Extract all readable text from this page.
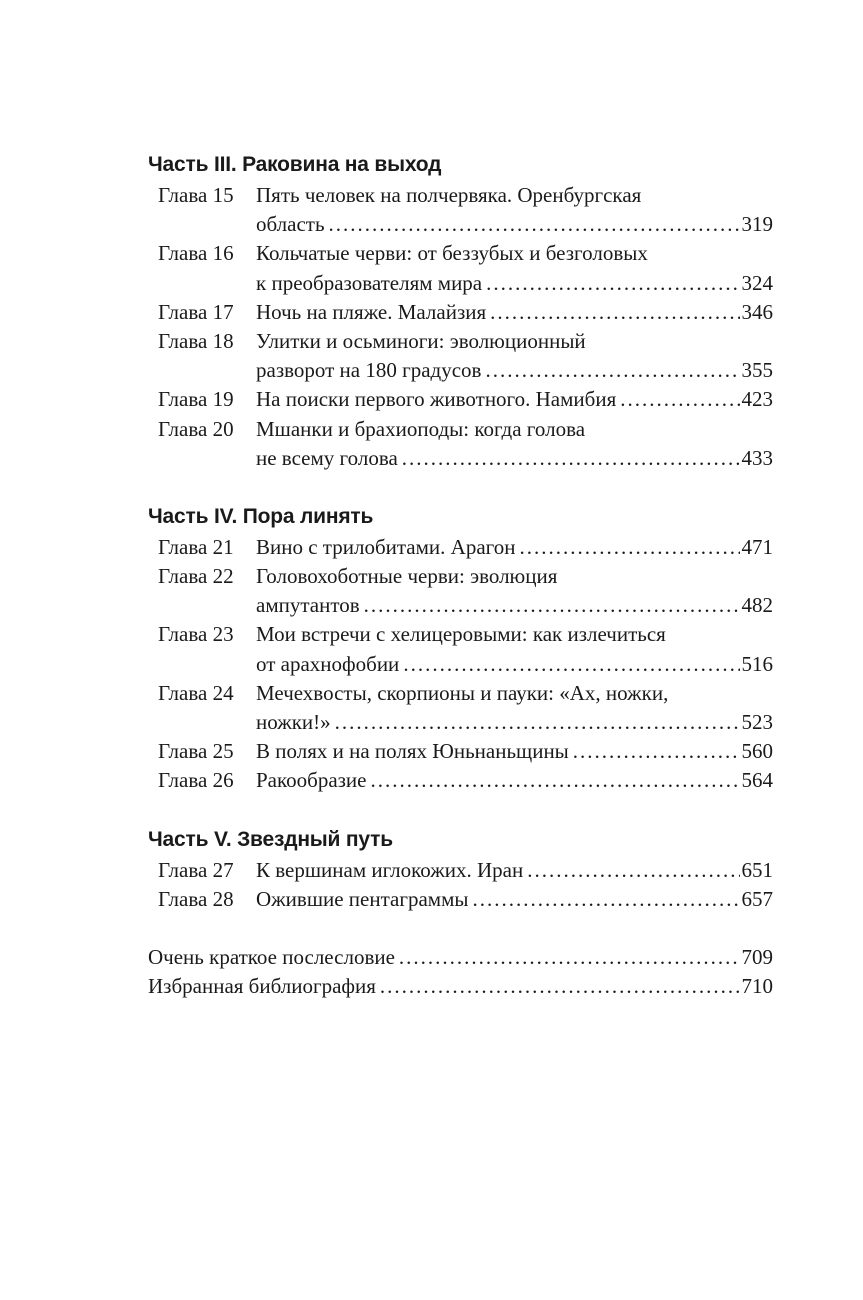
Часть III. Раковина на выход
Глава 15 Пять человек на полчервяка. Оренбургская
область .....	319
Глава 16 Кольчатые черви: от беззубых и безголовых
к преобразователям мира .....	324
Глава 17 Ночь на пляже. Малайзия .....	346
Глава 18 Улитки и осьминоги: эволюционный
разворот на 180 градусов .....	355
Глава 19 На поиски первого животного. Намибия .....	423
Глава 20 Мшанки и брахиоподы: когда голова
не всему голова .....	433
Часть IV. Пора линять
Глава 21 Вино с трилобитами. Арагон .....	471
Глава 22 Головохоботные черви: эволюция
ампутантов .....	482
Глава 23 Мои встречи с хелицеровыми: как излечиться
от арахнофобии .....	516
Глава 24 Мечехвосты, скорпионы и пауки: «Ах, ножки,
ножки!» .....	523
Глава 25 В полях и на полях Юньнаньщины .....	560
Глава 26 Ракообразие .....	564
Часть V. Звездный путь
Глава 27 К вершинам иглокожих. Иран .....	651
Глава 28 Ожившие пентаграммы .....	657
Очень краткое послесловие .....	709
Избранная библиография .....	710
